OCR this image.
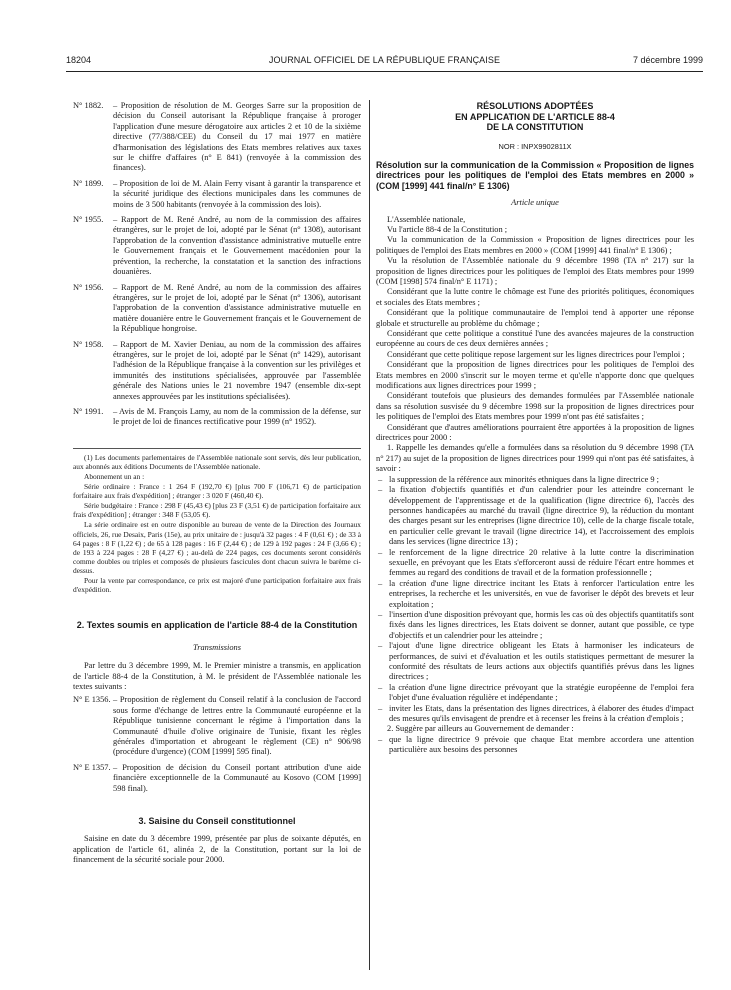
18204	JOURNAL OFFICIEL DE LA RÉPUBLIQUE FRANÇAISE	7 décembre 1999
N° 1882. – Proposition de résolution de M. Georges Sarre sur la proposition de décision du Conseil autorisant la République française à proroger l'application d'une mesure dérogatoire aux articles 2 et 10 de la sixième directive (77/388/CEE) du Conseil du 17 mai 1977 en matière d'harmonisation des législations des Etats membres relatives aux taxes sur le chiffre d'affaires (n° E 841) (renvoyée à la commission des finances).
N° 1899. – Proposition de loi de M. Alain Ferry visant à garantir la transparence et la sécurité juridique des élections municipales dans les communes de moins de 3 500 habitants (renvoyée à la commission des lois).
N° 1955. – Rapport de M. René André, au nom de la commission des affaires étrangères, sur le projet de loi, adopté par le Sénat (n° 1308), autorisant l'approbation de la convention d'assistance administrative mutuelle entre le Gouvernement français et le Gouvernement macédonien pour la prévention, la recherche, la constatation et la sanction des infractions douanières.
N° 1956. – Rapport de M. René André, au nom de la commission des affaires étrangères, sur le projet de loi, adopté par le Sénat (n° 1306), autorisant l'approbation de la convention d'assistance administrative mutuelle en matière douanière entre le Gouvernement français et le Gouvernement de la République hongroise.
N° 1958. – Rapport de M. Xavier Deniau, au nom de la commission des affaires étrangères, sur le projet de loi, adopté par le Sénat (n° 1429), autorisant l'adhésion de la République française à la convention sur les privilèges et immunités des institutions spécialisées, approuvée par l'assemblée générale des Nations unies le 21 novembre 1947 (ensemble dix-sept annexes approuvées par les institutions spécialisées).
N° 1991. – Avis de M. François Lamy, au nom de la commission de la défense, sur le projet de loi de finances rectificative pour 1999 (n° 1952).

(1) Les documents parlementaires de l'Assemblée nationale sont servis, dès leur publication, aux abonnés aux éditions Documents de l'Assemblée nationale.

Abonnement un an :

Série ordinaire : France : 1 264 F (192,70 €) [plus 700 F (106,71 €) de participation forfaitaire aux frais d'expédition] ; étranger : 3 020 F (460,40 €).

Série budgétaire : France : 298 F (45,43 €) [plus 23 F (3,51 €) de participation forfaitaire aux frais d'expédition] ; étranger : 348 F (53,05 €).

La série ordinaire est en outre disponible au bureau de vente de la Direction des Journaux officiels, 26, rue Desaix, Paris (15e), au prix unitaire de : jusqu'à 32 pages : 4 F (0,61 €) ; de 33 à 64 pages : 8 F (1,22 €) ; de 65 à 128 pages : 16 F (2,44 €) ; de 129 à 192 pages : 24 F (3,66 €) ; de 193 à 224 pages : 28 F (4,27 €) ; au-delà de 224 pages, ces documents seront considérés comme doubles ou triples et composés de plusieurs fascicules dont chacun suivra le barème ci-dessus.

Pour la vente par correspondance, ce prix est majoré d'une participation forfaitaire aux frais d'expédition.

2. Textes soumis en application de l'article 88-4 de la Constitution

Transmissions

Par lettre du 3 décembre 1999, M. le Premier ministre a transmis, en application de l'article 88-4 de la Constitution, à M. le président de l'Assemblée nationale les textes suivants :

N° E 1356. – Proposition de règlement du Conseil relatif à la conclusion de l'accord sous forme d'échange de lettres entre la Communauté européenne et la République tunisienne concernant le régime à l'importation dans la Communauté d'huile d'olive originaire de Tunisie, fixant les règles générales d'importation et abrogeant le règlement (CE) n° 906/98 (procédure d'urgence) (COM [1999] 595 final).
N° E 1357. – Proposition de décision du Conseil portant attribution d'une aide financière exceptionnelle de la Communauté au Kosovo (COM [1999] 598 final).

3. Saisine du Conseil constitutionnel

Saisine en date du 3 décembre 1999, présentée par plus de soixante députés, en application de l'article 61, alinéa 2, de la Constitution, portant sur la loi de financement de la sécurité sociale pour 2000.

RÉSOLUTIONS ADOPTÉES

EN APPLICATION DE L'ARTICLE 88-4

DE LA CONSTITUTION

NOR : INPX9902811X

Résolution sur la communication de la Commission « Proposition de lignes directrices pour les politiques de l'emploi des Etats membres en 2000 » (COM [1999] 441 final/n° E 1306)

Article unique

L'Assemblée nationale,

Vu l'article 88-4 de la Constitution ;

Vu la communication de la Commission « Proposition de lignes directrices pour les politiques de l'emploi des Etats membres en 2000 » (COM [1999] 441 final/n° E 1306) ;

Vu la résolution de l'Assemblée nationale du 9 décembre 1998 (TA n° 217) sur la proposition de lignes directrices pour les politiques de l'emploi des Etats membres pour 1999 (COM [1998] 574 final/n° E 1171) ;

Considérant que la lutte contre le chômage est l'une des priorités politiques, économiques et sociales des Etats membres ;

Considérant que la politique communautaire de l'emploi tend à apporter une réponse globale et structurelle au problème du chômage ;

Considérant que cette politique a constitué l'une des avancées majeures de la construction européenne au cours de ces deux dernières années ;

Considérant que cette politique repose largement sur les lignes directrices pour l'emploi ;

Considérant que la proposition de lignes directrices pour les politiques de l'emploi des Etats membres en 2000 s'inscrit sur le moyen terme et qu'elle n'apporte donc que quelques modifications aux lignes directrices pour 1999 ;

Considérant toutefois que plusieurs des demandes formulées par l'Assemblée nationale dans sa résolution susvisée du 9 décembre 1998 sur la proposition de lignes directrices pour les politiques de l'emploi des Etats membres pour 1999 n'ont pas été satisfaites ;

Considérant que d'autres améliorations pourraient être apportées à la proposition de lignes directrices pour 2000 :

1. Rappelle les demandes qu'elle a formulées dans sa résolution du 9 décembre 1998 (TA n° 217) au sujet de la proposition de lignes directrices pour 1999 qui n'ont pas été satisfaites, à savoir :

– la suppression de la référence aux minorités ethniques dans la ligne directrice 9 ;

– la fixation d'objectifs quantifiés et d'un calendrier pour les atteindre concernant le développement de l'apprentissage et de la qualification (ligne directrice 6), l'accès des personnes handicapées au marché du travail (ligne directrice 9), la réduction du montant des charges pesant sur les entreprises (ligne directrice 10), celle de la charge fiscale totale, en particulier celle grevant le travail (ligne directrice 14), et l'accroissement des emplois dans les services (ligne directrice 13) ;

– le renforcement de la ligne directrice 20 relative à la lutte contre la discrimination sexuelle, en prévoyant que les Etats s'efforceront aussi de réduire l'écart entre hommes et femmes au regard des conditions de travail et de la formation professionnelle ;

– la création d'une ligne directrice incitant les Etats à renforcer l'articulation entre les entreprises, la recherche et les universités, en vue de favoriser le dépôt des brevets et leur exploitation ;

– l'insertion d'une disposition prévoyant que, hormis les cas où des objectifs quantitatifs sont fixés dans les lignes directrices, les Etats doivent se donner, autant que possible, ce type d'objectifs et un calendrier pour les atteindre ;

– l'ajout d'une ligne directrice obligeant les Etats à harmoniser les indicateurs de performances, de suivi et d'évaluation et les outils statistiques permettant de mesurer la conformité des résultats de leurs actions aux objectifs quantifiés prévus dans les lignes directrices ;

– la création d'une ligne directrice prévoyant que la stratégie européenne de l'emploi fera l'objet d'une évaluation régulière et indépendante ;

– inviter les Etats, dans la présentation des lignes directrices, à élaborer des études d'impact des mesures qu'ils envisagent de prendre et à recenser les freins à la création d'emplois ;

2. Suggère par ailleurs au Gouvernement de demander :

– que la ligne directrice 9 prévoie que chaque Etat membre accordera une attention particulière aux besoins des personnes
